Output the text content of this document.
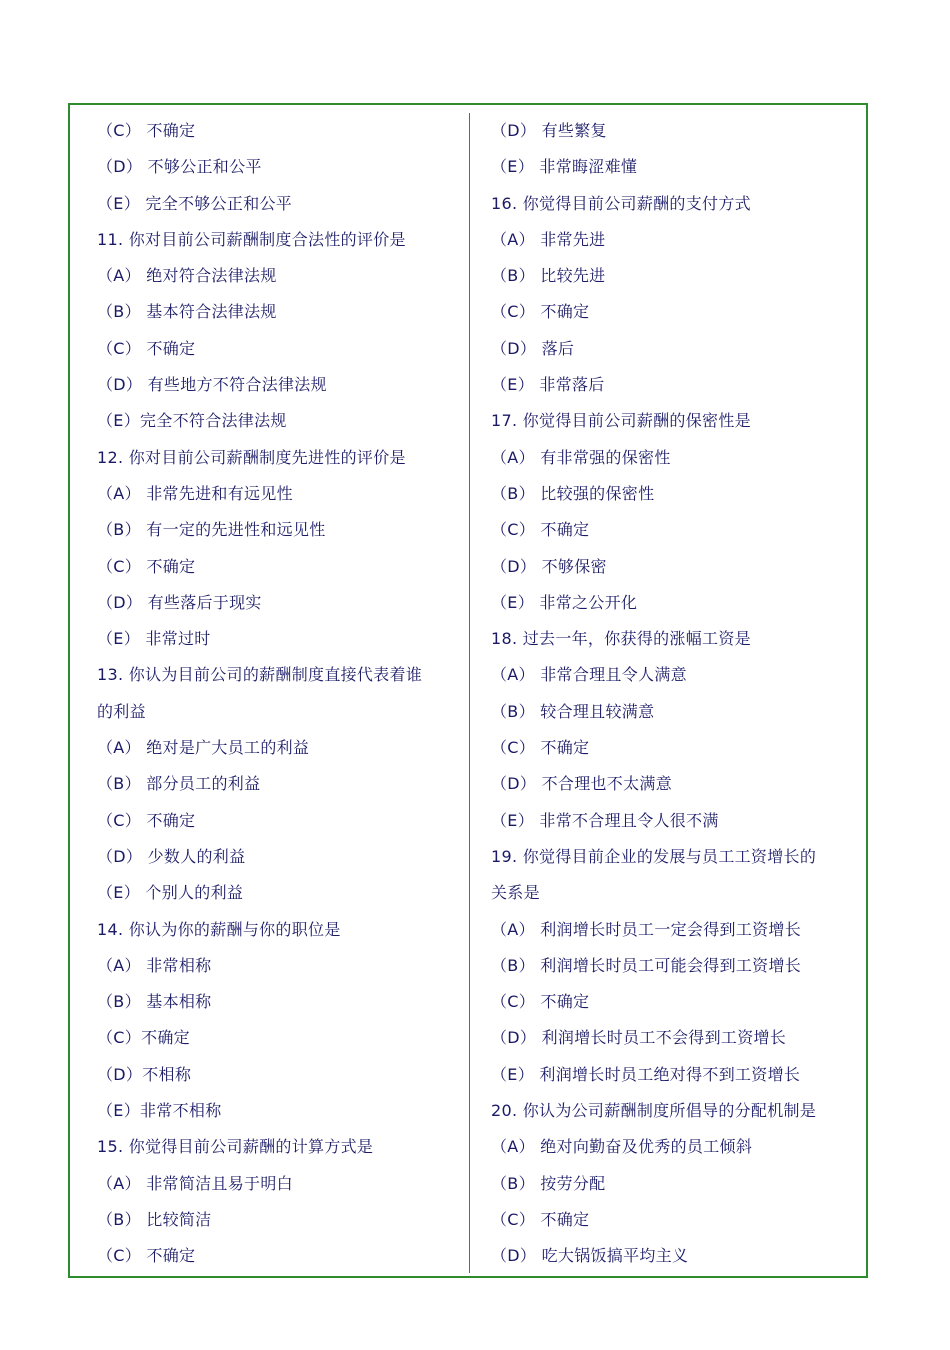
（C） 不确定
（D） 不够公正和公平
（E） 完全不够公正和公平
11. 你对目前公司薪酬制度合法性的评价是
（A） 绝对符合法律法规
（B） 基本符合法律法规
（C） 不确定
（D） 有些地方不符合法律法规
（E）完全不符合法律法规
12. 你对目前公司薪酬制度先进性的评价是
（A） 非常先进和有远见性
（B） 有一定的先进性和远见性
（C） 不确定
（D） 有些落后于现实
（E） 非常过时
13. 你认为目前公司的薪酬制度直接代表着谁
的利益
（A） 绝对是广大员工的利益
（B） 部分员工的利益
（C） 不确定
（D） 少数人的利益
（E） 个别人的利益
14. 你认为你的薪酬与你的职位是
（A） 非常相称
（B） 基本相称
（C）不确定
（D）不相称
（E）非常不相称
15. 你觉得目前公司薪酬的计算方式是
（A） 非常简洁且易于明白
（B） 比较简洁
（C） 不确定
（D） 有些繁复
（E） 非常晦涩难懂
16. 你觉得目前公司薪酬的支付方式
（A） 非常先进
（B） 比较先进
（C） 不确定
（D） 落后
（E） 非常落后
17. 你觉得目前公司薪酬的保密性是
（A） 有非常强的保密性
（B） 比较强的保密性
（C） 不确定
（D） 不够保密
（E） 非常之公开化
18. 过去一年，你获得的涨幅工资是
（A） 非常合理且令人满意
（B） 较合理且较满意
（C） 不确定
（D） 不合理也不太满意
（E） 非常不合理且令人很不满
19. 你觉得目前企业的发展与员工工资增长的
关系是
（A） 利润增长时员工一定会得到工资增长
（B） 利润增长时员工可能会得到工资增长
（C） 不确定
（D） 利润增长时员工不会得到工资增长
（E） 利润增长时员工绝对得不到工资增长
20. 你认为公司薪酬制度所倡导的分配机制是
（A） 绝对向勤奋及优秀的员工倾斜
（B） 按劳分配
（C） 不确定
（D） 吃大锅饭搞平均主义
